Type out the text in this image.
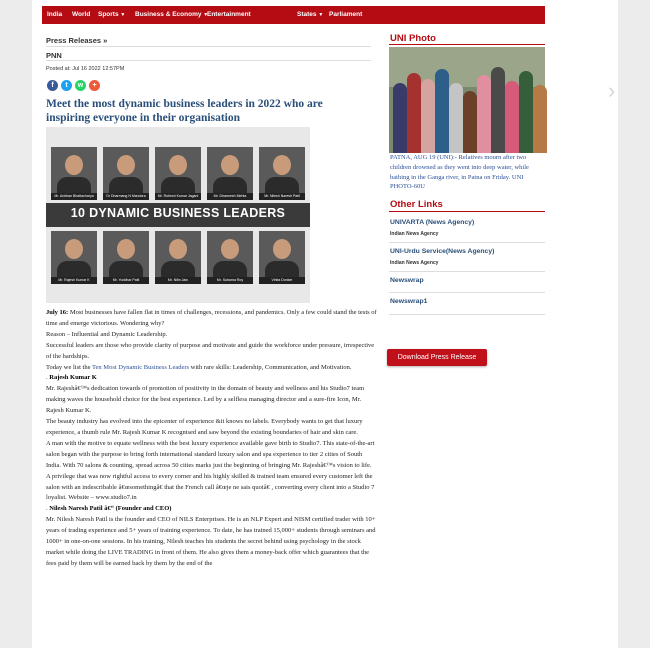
India World Sports ▼ Business & Economy ▼
Entertainment	States ▼ Parliament
Press Releases »
PNN
Posted at: Jul 16 2022 12:57PM
f	t	w	+
Meet the most dynamic business leaders in 2022 who are inspiring everyone in their organisation
10 DYNAMIC BUSINESS LEADERS
Mr. Anirban Bhattacharya	Dr Dharmang N Mandora	Mr. Rohesh Kumar Jagani	Mr. Dharmesh Mehta	Mr. Nilesh Naresh Patil
Mr. Rajesh Kumar K	Mr. Yoddhar Patil	Mr. Nitin Jain	Mr. Subarna Roy	Vinita Donker

July 16: Most businesses have fallen flat in times of challenges, recessions, and pandemics. Only a few could stand the tests of time and emerge victorious. Wondering why?

Reason – Influential and Dynamic Leadership.

Successful leaders are those who provide clarity of purpose and motivate and guide the workforce under pressure, irrespective of the hardships.

Today we list the Ten Most Dynamic Business Leaders with rare skills: Leadership, Communication, and Motivation.

. Rajesh Kumar K

Mr. Rajeshâ€™s dedication towards of promotion of positivity in the domain of beauty and wellness and his Studio7 team making waves the household choice for the best experience. Led by a selfless managing director and a sure-fire Icon, Mr. Rajesh Kumar K.

The beauty industry has evolved into the epicenter of experience &it knows no labels. Everybody wants to get that luxury experience, a thumb rule Mr. Rajesh Kumar K recognised and saw beyond the existing boundaries of hair and skin care.

A man with the motive to equate wellness with the best luxury experience available gave birth to Studio7. This state-of-the-art salon began with the purpose to bring forth international standard luxury salon and spa experience to tier 2 cities of South India. With 70 salons & counting, spread across 50 cities marks just the beginning of bringing Mr. Rajeshâ€™s vision to life.

A privilege that was now rightful access to every corner and his highly skilled & trained team ensured every customer left the salon with an indescribable â€œsomethingâ€ that the French call â€œje ne sais quoiâ€ , converting every client into a Studio 7 loyalist. Website – www.studio7.in

. Nilesh Naresh Patil â€“ (Founder and CEO)

Mr. Nilesh Naresh Patil is the founder and CEO of NILS Enterprises. He is an NLP Expert and NISM certified trader with 10+ years of trading experience and 5+ years of training experience. To date, he has trained 15,000+ students through seminars and 1000+ in one-on-one sessions. In his training, Nilesh teaches his students the secret behind using psychology in the stock market while doing the LIVE TRADING in front of them. He also gives them a money-back offer which guarantees that the fees paid by them will be earned back by them by the end of the

UNI Photo
PATNA, AUG 19 (UNI):- Relatives mourn after two children drowned as they went into deep water, while bathing in the Ganga river, in Patna on Friday. UNI PHOTO-60U
Other Links
UNIVARTA (News Agency)
Indian News Agency
UNI-Urdu Service(News Agency)
Indian News Agency
Newswrap
Newswrap1
Download Press Release
›
